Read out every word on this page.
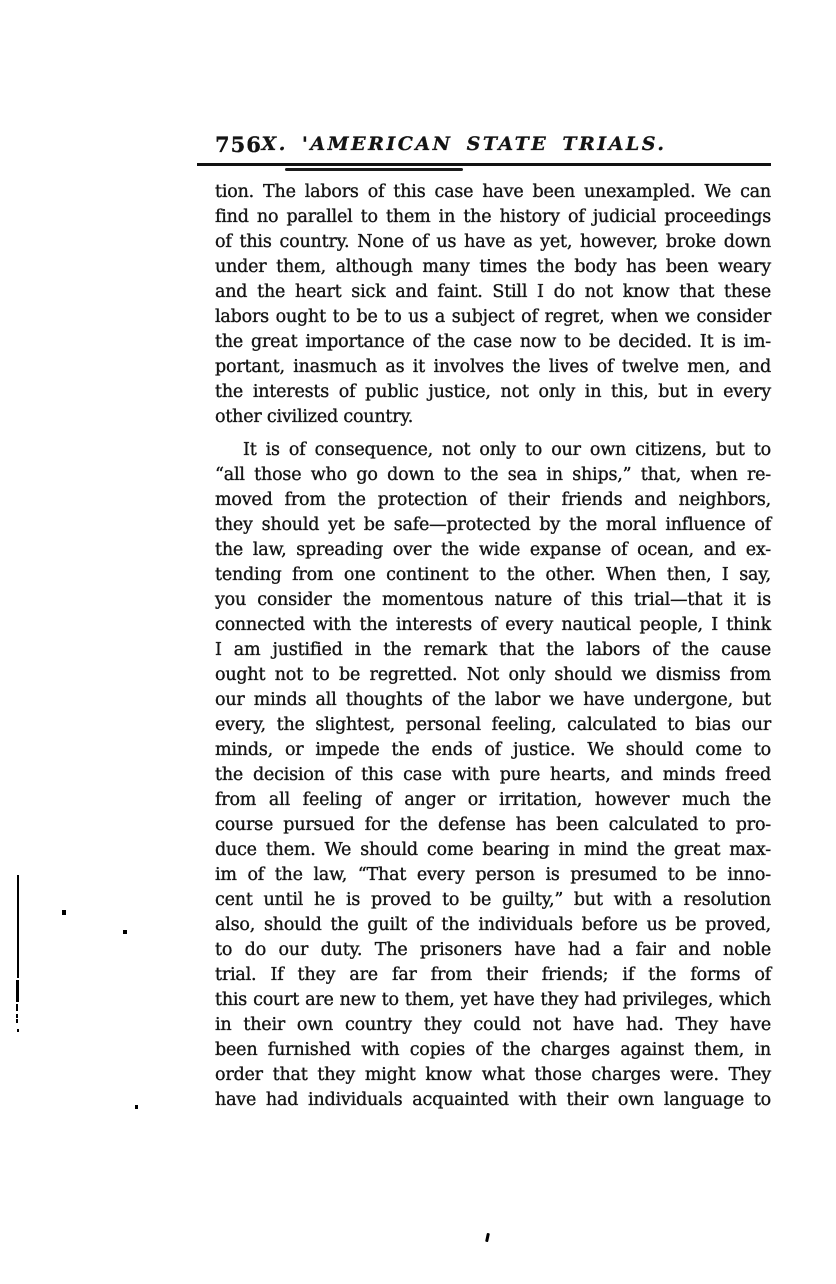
756 X. 'AMERICAN STATE TRIALS.
tion. The labors of this case have been unexampled. We can
find no parallel to them in the history of judicial proceedings
of this country. None of us have as yet, however, broke down
under them, although many times the body has been weary
and the heart sick and faint. Still I do not know that these
labors ought to be to us a subject of regret, when we consider
the great importance of the case now to be decided. It is im-
portant, inasmuch as it involves the lives of twelve men, and
the interests of public justice, not only in this, but in every
other civilized country.
It is of consequence, not only to our own citizens, but to
“all those who go down to the sea in ships,” that, when re-
moved from the protection of their friends and neighbors,
they should yet be safe—protected by the moral influence of
the law, spreading over the wide expanse of ocean, and ex-
tending from one continent to the other. When then, I say,
you consider the momentous nature of this trial—that it is
connected with the interests of every nautical people, I think
I am justified in the remark that the labors of the cause
ought not to be regretted. Not only should we dismiss from
our minds all thoughts of the labor we have undergone, but
every, the slightest, personal feeling, calculated to bias our
minds, or impede the ends of justice. We should come to
the decision of this case with pure hearts, and minds freed
from all feeling of anger or irritation, however much the
course pursued for the defense has been calculated to pro-
duce them. We should come bearing in mind the great max-
im of the law, “That every person is presumed to be inno-
cent until he is proved to be guilty,” but with a resolution
also, should the guilt of the individuals before us be proved,
to do our duty. The prisoners have had a fair and noble
trial. If they are far from their friends; if the forms of
this court are new to them, yet have they had privileges, which
in their own country they could not have had. They have
been furnished with copies of the charges against them, in
order that they might know what those charges were. They
have had individuals acquainted with their own language to
